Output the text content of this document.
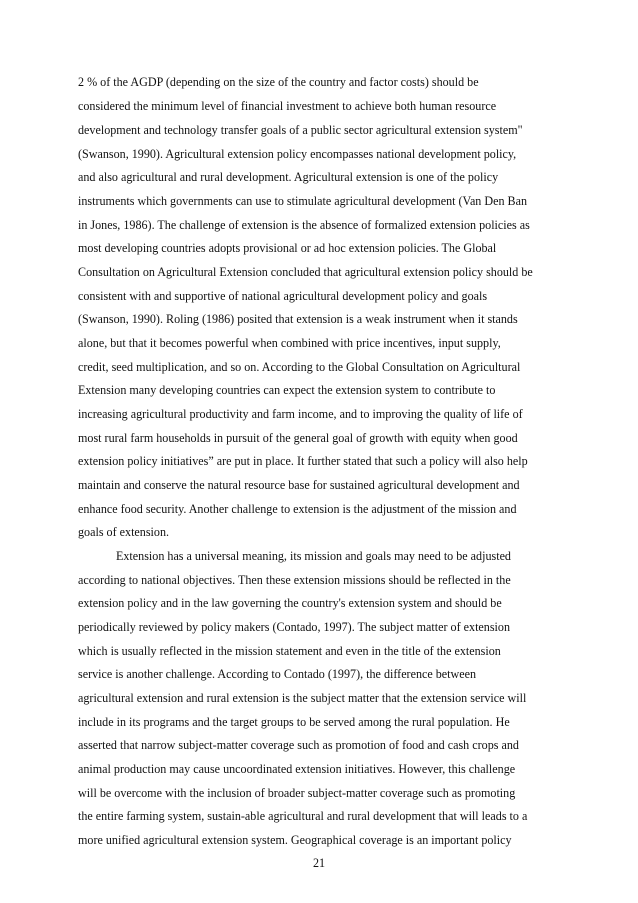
2 % of the AGDP (depending on the size of the country and factor costs) should be
considered the minimum level of financial investment to achieve both human resource
development and technology transfer goals of a public sector agricultural extension system"
(Swanson, 1990). Agricultural extension policy encompasses national development policy,
and also agricultural and rural development. Agricultural extension is one of the policy
instruments which governments can use to stimulate agricultural development (Van Den Ban
in Jones, 1986). The challenge of extension is the absence of formalized extension policies as
most developing countries adopts provisional or ad hoc extension policies. The Global
Consultation on Agricultural Extension concluded that agricultural extension policy should be
consistent with and supportive of national agricultural development policy and goals
(Swanson, 1990). Roling (1986) posited that extension is a weak instrument when it stands
alone, but that it becomes powerful when combined with price incentives, input supply,
credit, seed multiplication, and so on. According to the Global Consultation on Agricultural
Extension many developing countries can expect the extension system to contribute to
increasing agricultural productivity and farm income, and to improving the quality of life of
most rural farm households in pursuit of the general goal of growth with equity when good
extension policy initiatives” are put in place. It further stated that such a policy will also help
maintain and conserve the natural resource base for sustained agricultural development and
enhance food security. Another challenge to extension is the adjustment of the mission and
goals of extension.
Extension has a universal meaning, its mission and goals may need to be adjusted
according to national objectives. Then these extension missions should be reflected in the
extension policy and in the law governing the country's extension system and should be
periodically reviewed by policy makers (Contado, 1997). The subject matter of extension
which is usually reflected in the mission statement and even in the title of the extension
service is another challenge. According to Contado (1997), the difference between
agricultural extension and rural extension is the subject matter that the extension service will
include in its programs and the target groups to be served among the rural population. He
asserted that narrow subject-matter coverage such as promotion of food and cash crops and
animal production may cause uncoordinated extension initiatives. However, this challenge
will be overcome with the inclusion of broader subject-matter coverage such as promoting
the entire farming system, sustain-able agricultural and rural development that will leads to a
more unified agricultural extension system. Geographical coverage is an important policy
21
